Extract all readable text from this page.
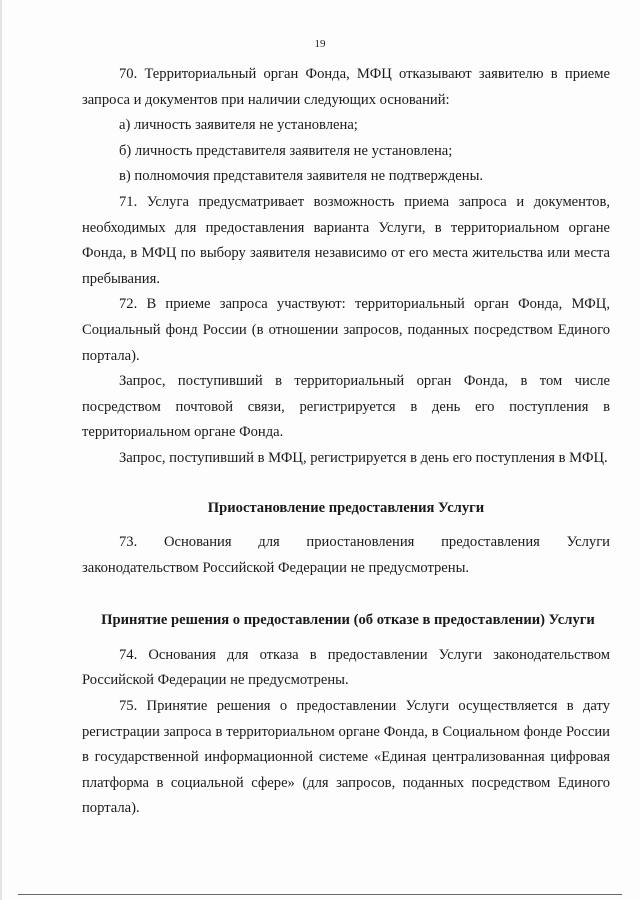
19

70. Территориальный орган Фонда, МФЦ отказывают заявителю в приеме запроса и документов при наличии следующих оснований:

а) личность заявителя не установлена;

б) личность представителя заявителя не установлена;

в) полномочия представителя заявителя не подтверждены.

71. Услуга предусматривает возможность приема запроса и документов, необходимых для предоставления варианта Услуги, в территориальном органе Фонда, в МФЦ по выбору заявителя независимо от его места жительства или места пребывания.

72. В приеме запроса участвуют: территориальный орган Фонда, МФЦ, Социальный фонд России (в отношении запросов, поданных посредством Единого портала).

Запрос, поступивший в территориальный орган Фонда, в том числе посредством почтовой связи, регистрируется в день его поступления в территориальном органе Фонда.

Запрос, поступивший в МФЦ, регистрируется в день его поступления в МФЦ.

Приостановление предоставления Услуги

73. Основания для приостановления предоставления Услуги законодательством Российской Федерации не предусмотрены.

Принятие решения о предоставлении (об отказе в предоставлении) Услуги

74. Основания для отказа в предоставлении Услуги законодательством Российской Федерации не предусмотрены.

75. Принятие решения о предоставлении Услуги осуществляется в дату регистрации запроса в территориальном органе Фонда, в Социальном фонде России в государственной информационной системе «Единая централизованная цифровая платформа в социальной сфере» (для запросов, поданных посредством Единого портала).
